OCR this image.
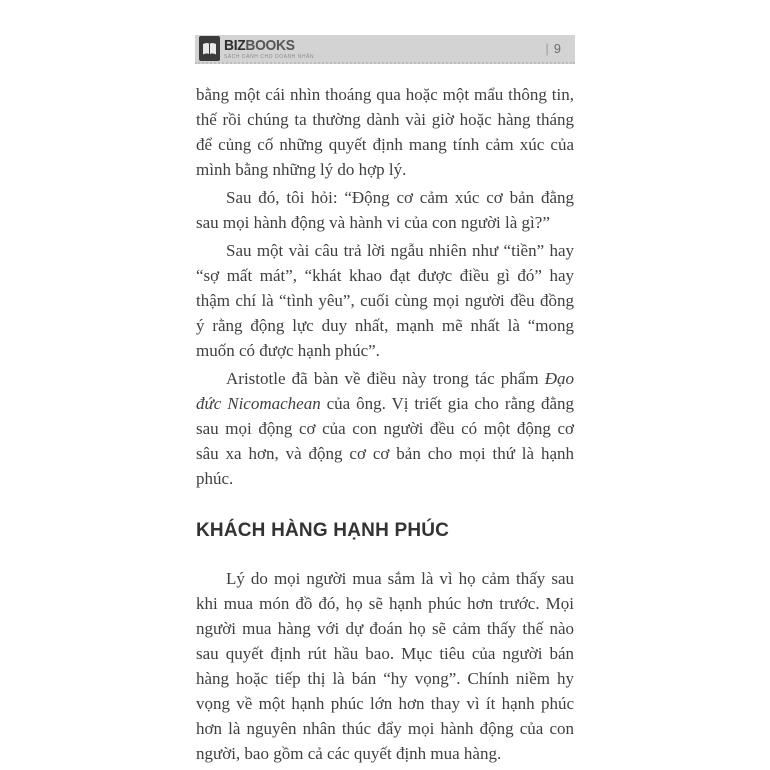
BIZBOOKS
SÁCH DÀNH CHO DOANH NHÂN
| 9

bằng một cái nhìn thoáng qua hoặc một mẩu thông tin, thế rồi chúng ta thường dành vài giờ hoặc hàng tháng để củng cố những quyết định mang tính cảm xúc của mình bằng những lý do hợp lý.

Sau đó, tôi hỏi: “Động cơ cảm xúc cơ bản đằng sau mọi hành động và hành vi của con người là gì?”

Sau một vài câu trả lời ngẫu nhiên như “tiền” hay “sợ mất mát”, “khát khao đạt được điều gì đó” hay thậm chí là “tình yêu”, cuối cùng mọi người đều đồng ý rằng động lực duy nhất, mạnh mẽ nhất là “mong muốn có được hạnh phúc”.

Aristotle đã bàn về điều này trong tác phẩm Đạo đức Nicomachean của ông. Vị triết gia cho rằng đằng sau mọi động cơ của con người đều có một động cơ sâu xa hơn, và động cơ cơ bản cho mọi thứ là hạnh phúc.

KHÁCH HÀNG HẠNH PHÚC

Lý do mọi người mua sắm là vì họ cảm thấy sau khi mua món đồ đó, họ sẽ hạnh phúc hơn trước. Mọi người mua hàng với dự đoán họ sẽ cảm thấy thế nào sau quyết định rút hầu bao. Mục tiêu của người bán hàng hoặc tiếp thị là bán “hy vọng”. Chính niềm hy vọng về một hạnh phúc lớn hơn thay vì ít hạnh phúc hơn là nguyên nhân thúc đẩy mọi hành động của con người, bao gồm cả các quyết định mua hàng.
